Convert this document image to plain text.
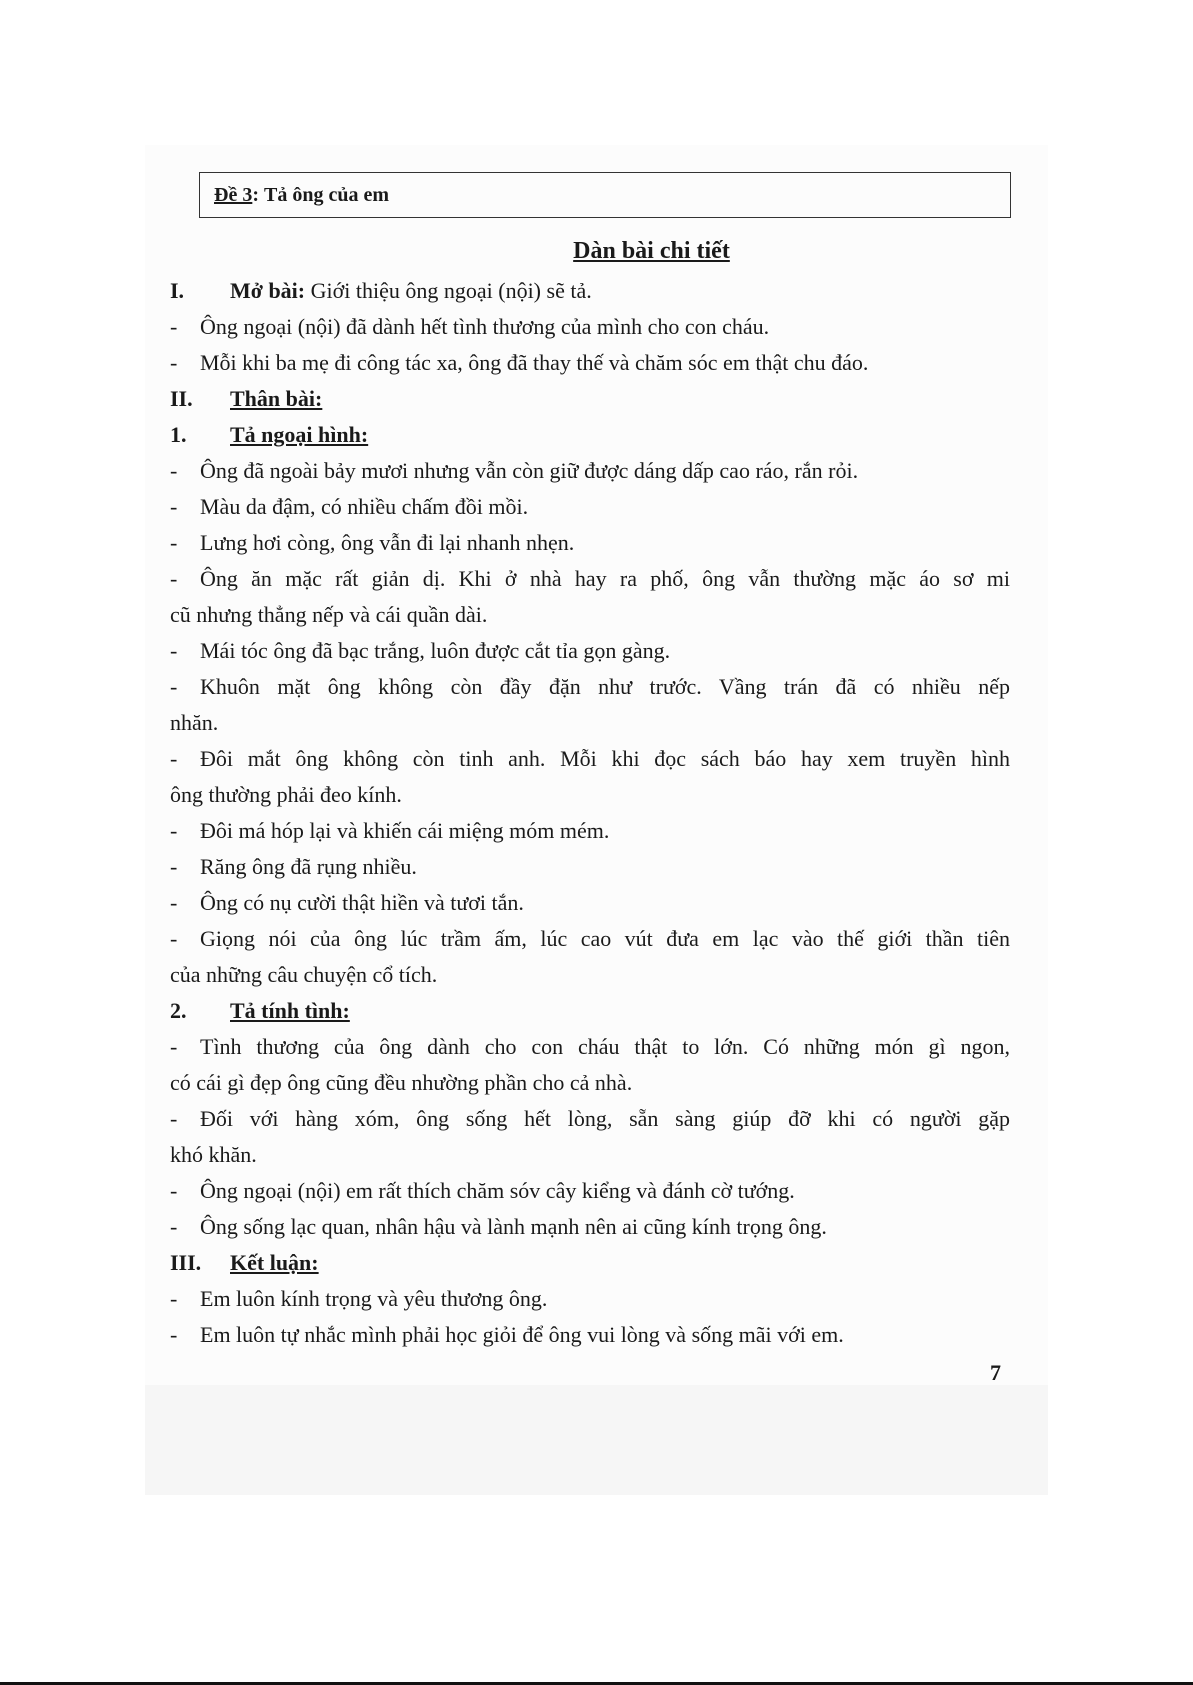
Đề 3 : Tả ông của em
Dàn bài chi tiết
I. Mở bài: Giới thiệu ông ngoại (nội) sẽ tả.
- Ông ngoại (nội) đã dành hết tình thương của mình cho con cháu.
- Mỗi khi ba mẹ đi công tác xa, ông đã thay thế và chăm sóc em thật chu đáo.
II. Thân bài:
1. Tả ngoại hình:
- Ông đã ngoài bảy mươi nhưng vẫn còn giữ được dáng dấp cao ráo, rắn rỏi.
- Màu da đậm, có nhiều chấm đồi mồi.
- Lưng hơi còng, ông vẫn đi lại nhanh nhẹn.
- Ông ăn mặc rất giản dị. Khi ở nhà hay ra phố, ông vẫn thường mặc áo sơ mi
cũ nhưng thẳng nếp và cái quần dài.
- Mái tóc ông đã bạc trắng, luôn được cắt tỉa gọn gàng.
- Khuôn mặt ông không còn đầy đặn như trước. Vầng trán đã có nhiều nếp
nhăn.
- Đôi mắt ông không còn tinh anh. Mỗi khi đọc sách báo hay xem truyền hình
ông thường phải đeo kính.
- Đôi má hóp lại và khiến cái miệng móm mém.
- Răng ông đã rụng nhiều.
- Ông có nụ cười thật hiền và tươi tắn.
- Giọng nói của ông lúc trầm ấm, lúc cao vút đưa em lạc vào thế giới thần tiên
của những câu chuyện cổ tích.
2. Tả tính tình:
- Tình thương của ông dành cho con cháu thật to lớn. Có những món gì ngon,
có cái gì đẹp ông cũng đều nhường phần cho cả nhà.
- Đối với hàng xóm, ông sống hết lòng, sẵn sàng giúp đỡ khi có người gặp
khó khăn.
- Ông ngoại (nội) em rất thích chăm sóv cây kiểng và đánh cờ tướng.
- Ông sống lạc quan, nhân hậu và lành mạnh nên ai cũng kính trọng ông.
III. Kết luận:
- Em luôn kính trọng và yêu thương ông.
- Em luôn tự nhắc mình phải học giỏi để ông vui lòng và sống mãi với em.
7
